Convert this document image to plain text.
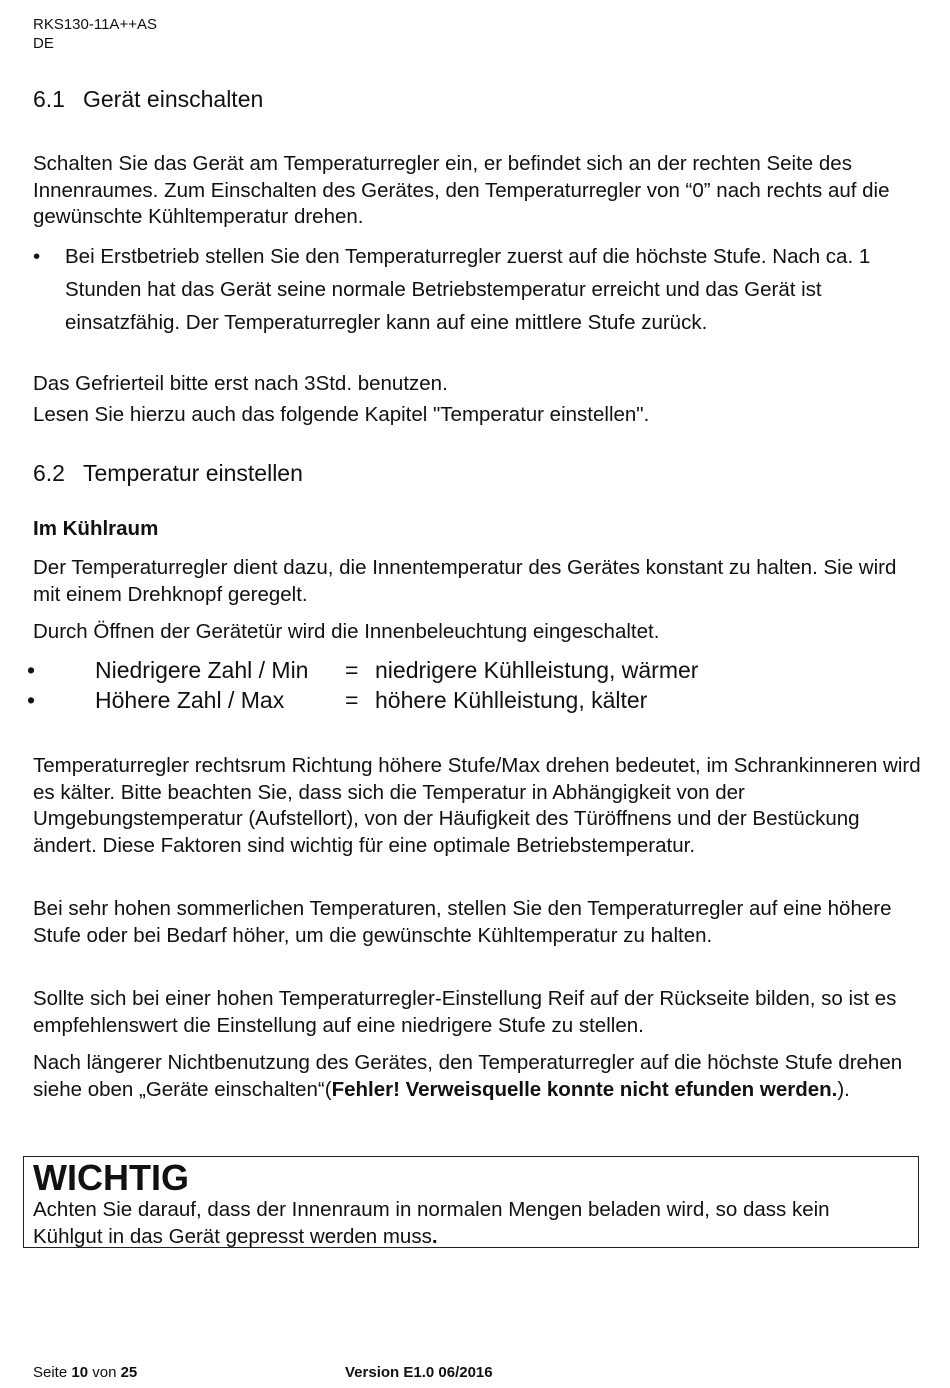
RKS130-11A++AS
DE
6.1 Gerät einschalten

Schalten Sie das Gerät am Temperaturregler ein, er befindet sich an der rechten Seite des Innenraumes. Zum Einschalten des Gerätes, den Temperaturregler von “0” nach rechts auf die gewünschte Kühltemperatur drehen.

• Bei Erstbetrieb stellen Sie den Temperaturregler zuerst auf die höchste Stufe. Nach ca. 1 Stunden hat das Gerät seine normale Betriebstemperatur erreicht und das Gerät ist einsatzfähig. Der Temperaturregler kann auf eine mittlere Stufe zurück.

Das Gefrierteil bitte erst nach 3Std. benutzen.

Lesen Sie hierzu auch das folgende Kapitel "Temperatur einstellen".

6.2 Temperatur einstellen
Im Kühlraum

Der Temperaturregler dient dazu, die Innentemperatur des Gerätes konstant zu halten. Sie wird mit einem Drehknopf geregelt.

Durch Öffnen der Gerätetür wird die Innenbeleuchtung eingeschaltet.

•	Niedrigere Zahl / Min = niedrigere Kühlleistung, wärmer
•	Höhere Zahl / Max	= höhere Kühlleistung, kälter

Temperaturregler rechtsrum Richtung höhere Stufe/Max drehen bedeutet, im Schrankinneren wird es kälter. Bitte beachten Sie, dass sich die Temperatur in Abhängigkeit von der Umgebungstemperatur (Aufstellort), von der Häufigkeit des Türöffnens und der Bestückung ändert. Diese Faktoren sind wichtig für eine optimale Betriebstemperatur.

Bei sehr hohen sommerlichen Temperaturen, stellen Sie den Temperaturregler auf eine höhere Stufe oder bei Bedarf höher, um die gewünschte Kühltemperatur zu halten.

Sollte sich bei einer hohen Temperaturregler-Einstellung Reif auf der Rückseite bilden, so ist es empfehlenswert die Einstellung auf eine niedrigere Stufe zu stellen.

Nach längerer Nichtbenutzung des Gerätes, den Temperaturregler auf die höchste Stufe drehen siehe oben „Geräte einschalten“(Fehler! Verweisquelle konnte nicht efunden werden.).

WICHTIG
Achten Sie darauf, dass der Innenraum in normalen Mengen beladen wird, so dass kein Kühlgut in das Gerät gepresst werden muss.
Seite 10 von 25	Version E1.0 06/2016
